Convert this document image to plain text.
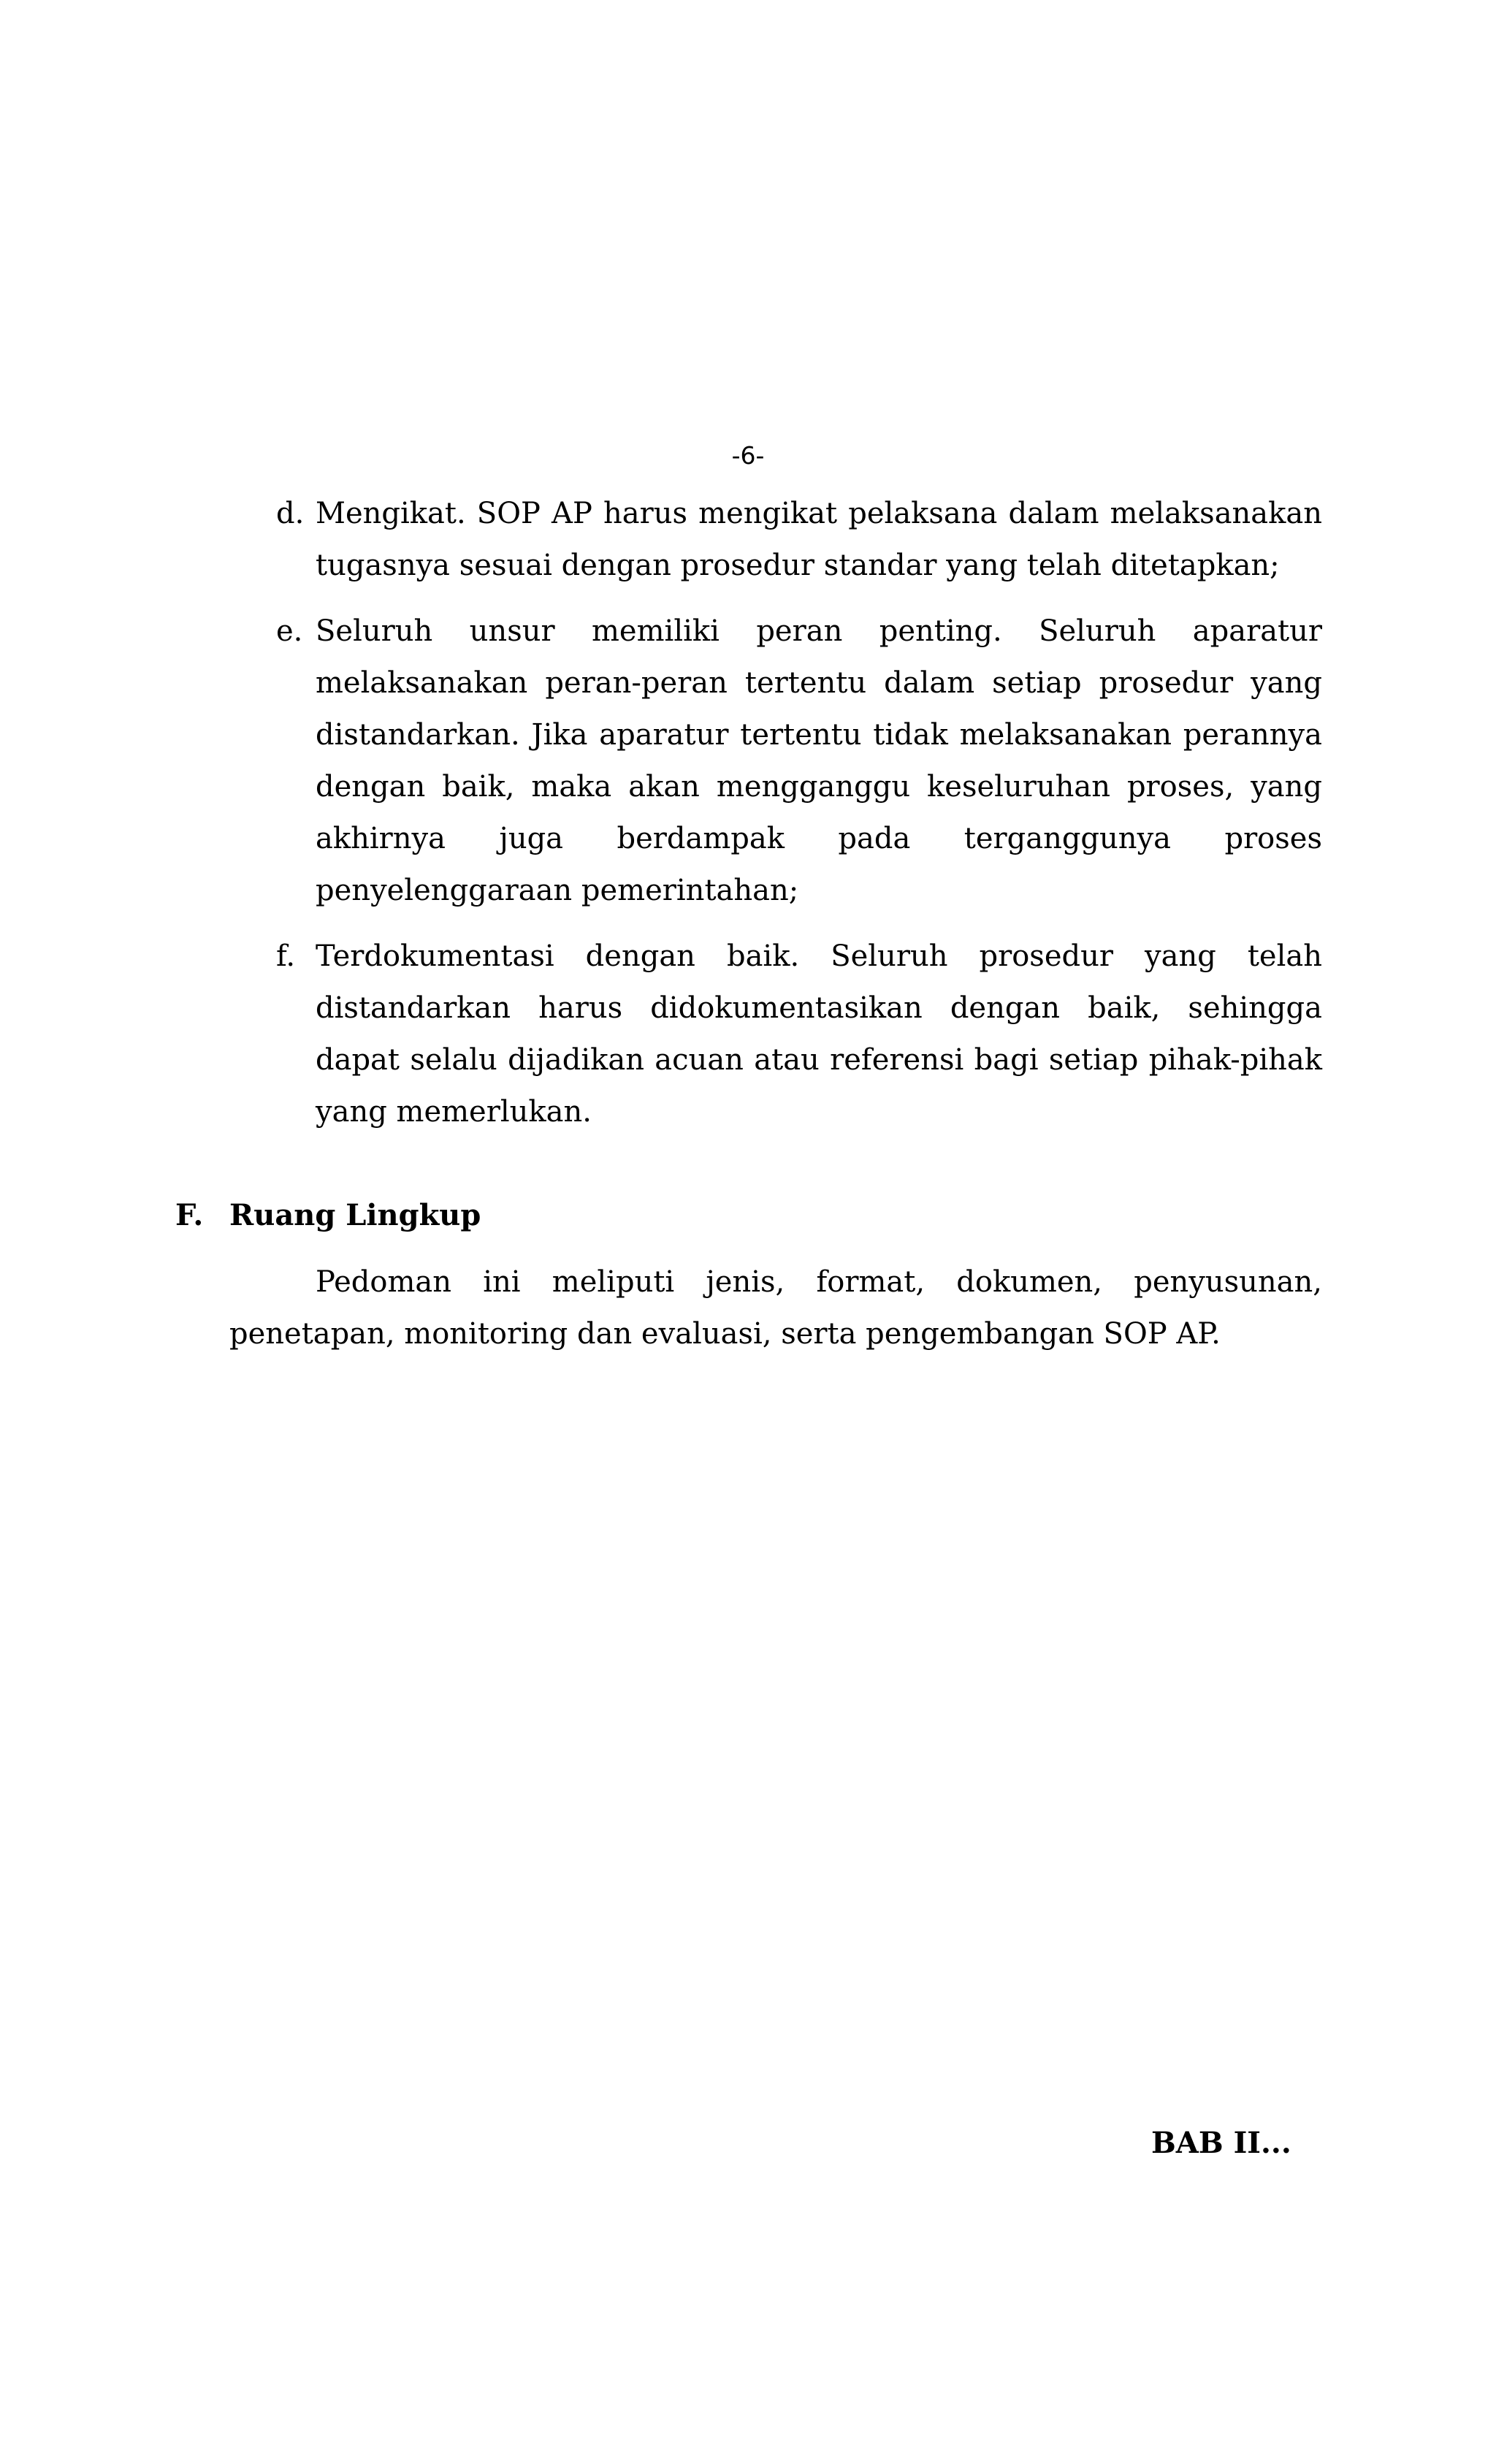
-6-
d. Mengikat. SOP AP harus mengikat pelaksana dalam melaksanakan tugasnya sesuai dengan prosedur standar yang telah ditetapkan;
e. Seluruh unsur memiliki peran penting. Seluruh aparatur melaksanakan peran-peran tertentu dalam setiap prosedur yang distandarkan. Jika aparatur tertentu tidak melaksanakan perannya dengan baik, maka akan mengganggu keseluruhan proses, yang akhirnya juga berdampak pada terganggunya proses penyelenggaraan pemerintahan;
f. Terdokumentasi dengan baik. Seluruh prosedur yang telah distandarkan harus didokumentasikan dengan baik, sehingga dapat selalu dijadikan acuan atau referensi bagi setiap pihak-pihak yang memerlukan.
F. Ruang Lingkup

Pedoman ini meliputi jenis, format, dokumen, penyusunan, penetapan, monitoring dan evaluasi, serta pengembangan SOP AP.

BAB II...
